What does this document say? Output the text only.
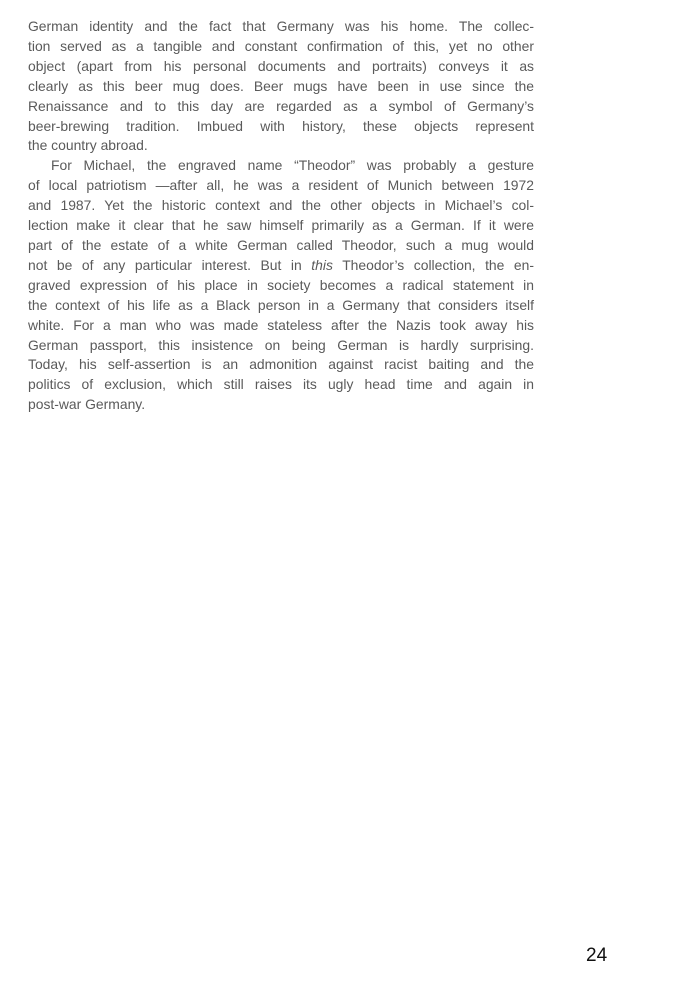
German identity and the fact that Germany was his home. The collec-
tion served as a tangible and constant confirmation of this, yet no other
object (apart from his personal documents and portraits) conveys it as
clearly as this beer mug does. Beer mugs have been in use since the
Renaissance and to this day are regarded as a symbol of Germany’s
beer-brewing tradition. Imbued with history, these objects represent
the country abroad.
For Michael, the engraved name “Theodor” was probably a gesture
of local patriotism —after all, he was a resident of Munich between 1972
and 1987. Yet the historic context and the other objects in Michael’s col-
lection make it clear that he saw himself primarily as a German. If it were
part of the estate of a white German called Theodor, such a mug would
not be of any particular interest. But in this Theodor’s collection, the en-
graved expression of his place in society becomes a radical statement in
the context of his life as a Black person in a Germany that considers itself
white. For a man who was made stateless after the Nazis took away his
German passport, this insistence on being German is hardly surprising.
Today, his self-assertion is an admonition against racist baiting and the
politics of exclusion, which still raises its ugly head time and again in
post-war Germany.
24
